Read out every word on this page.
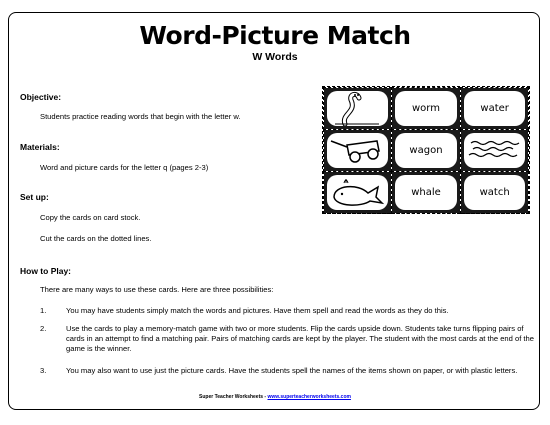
Word-Picture Match
W Words
Objective:
Students practice reading words that begin with the letter w.
Materials:
Word and picture cards for the letter q (pages 2-3)
Set up:
Copy the cards on card stock.
Cut the cards on the dotted lines.
How to Play:
There are many ways to use these cards. Here are three possibilities:
1.	You may have students simply match the words and pictures. Have them spell and read the words as they do this.
2.	Use the cards to play a memory-match game with two or more students. Flip the cards upside down. Students take turns flipping pairs of cards in an attempt to find a matching pair. Pairs of matching cards are kept by the player. The student with the most cards at the end of the game is the winner.
3.	You may also want to use just the picture cards. Have the students spell the names of the items shown on paper, or with plastic letters.
worm	water
wagon
whale	watch
Super Teacher Worksheets - www.superteacherworksheets.com
